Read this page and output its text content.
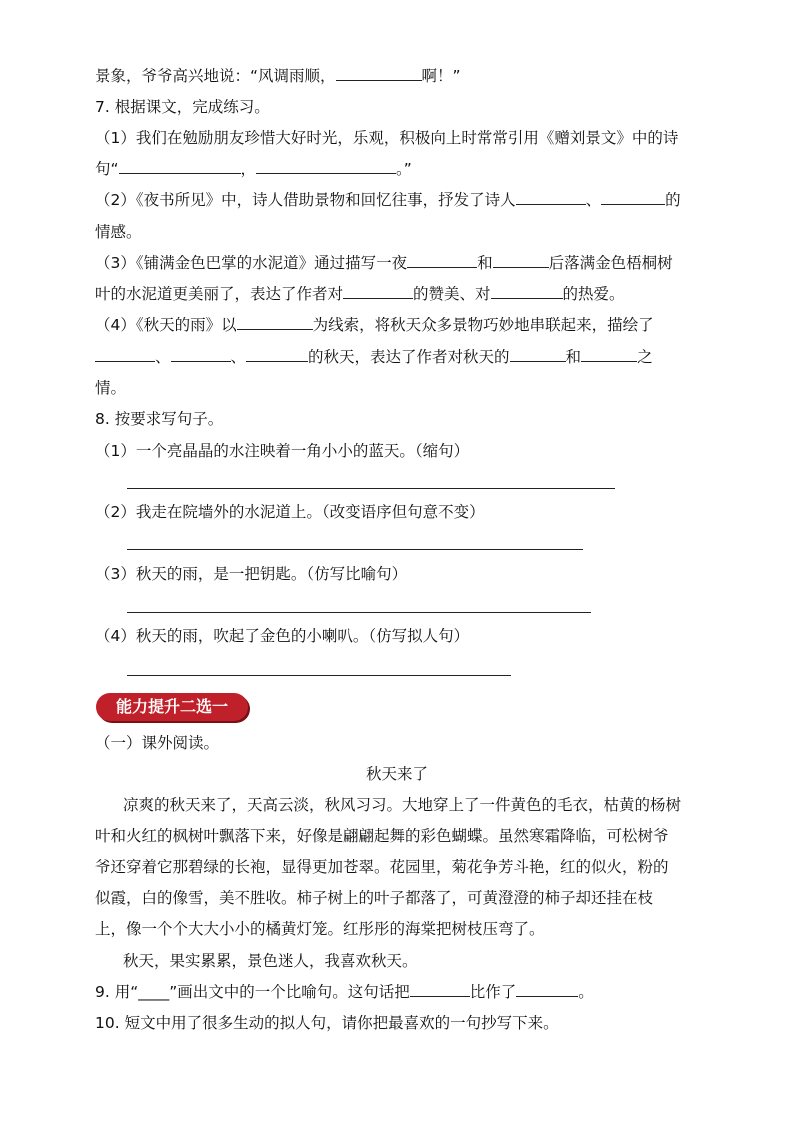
景象，爷爷高兴地说：“风调雨顺，	啊！”
7. 根据课文，完成练习。
（1）我们在勉励朋友珍惜大好时光，乐观，积极向上时常常引用《赠刘景文》中的诗
句“	，	。”
（2）《夜书所见》中，诗人借助景物和回忆往事，抒发了诗人	、	的
情感。
（3）《铺满金色巴掌的水泥道》通过描写一夜	和	后落满金色梧桐树
叶的水泥道更美丽了，表达了作者对	的赞美、对	的热爱。
（4）《秋天的雨》以	为线索，将秋天众多景物巧妙地串联起来，描绘了
、	、	的秋天，表达了作者对秋天的	和	之
情。
8. 按要求写句子。
（1）一个亮晶晶的水注映着一角小小的蓝天。（缩句）
（2）我走在院墙外的水泥道上。（改变语序但句意不变）
（3）秋天的雨，是一把钥匙。（仿写比喻句）
（4）秋天的雨，吹起了金色的小喇叭。（仿写拟人句）
能力提升二选一
（一）课外阅读。
秋天来了
凉爽的秋天来了，天高云淡，秋风习习。大地穿上了一件黄色的毛衣，枯黄的杨树
叶和火红的枫树叶飘落下来，好像是翩翩起舞的彩色蝴蝶。虽然寒霜降临，可松树爷
爷还穿着它那碧绿的长袍，显得更加苍翠。花园里，菊花争芳斗艳，红的似火，粉的
似霞，白的像雪，美不胜收。柿子树上的叶子都落了，可黄澄澄的柿子却还挂在枝
上，像一个个大大小小的橘黄灯笼。红彤彤的海棠把树枝压弯了。
秋天，果实累累，景色迷人，我喜欢秋天。
9. 用“____”画出文中的一个比喻句。这句话把	比作了	。
10. 短文中用了很多生动的拟人句，请你把最喜欢的一句抄写下来。
